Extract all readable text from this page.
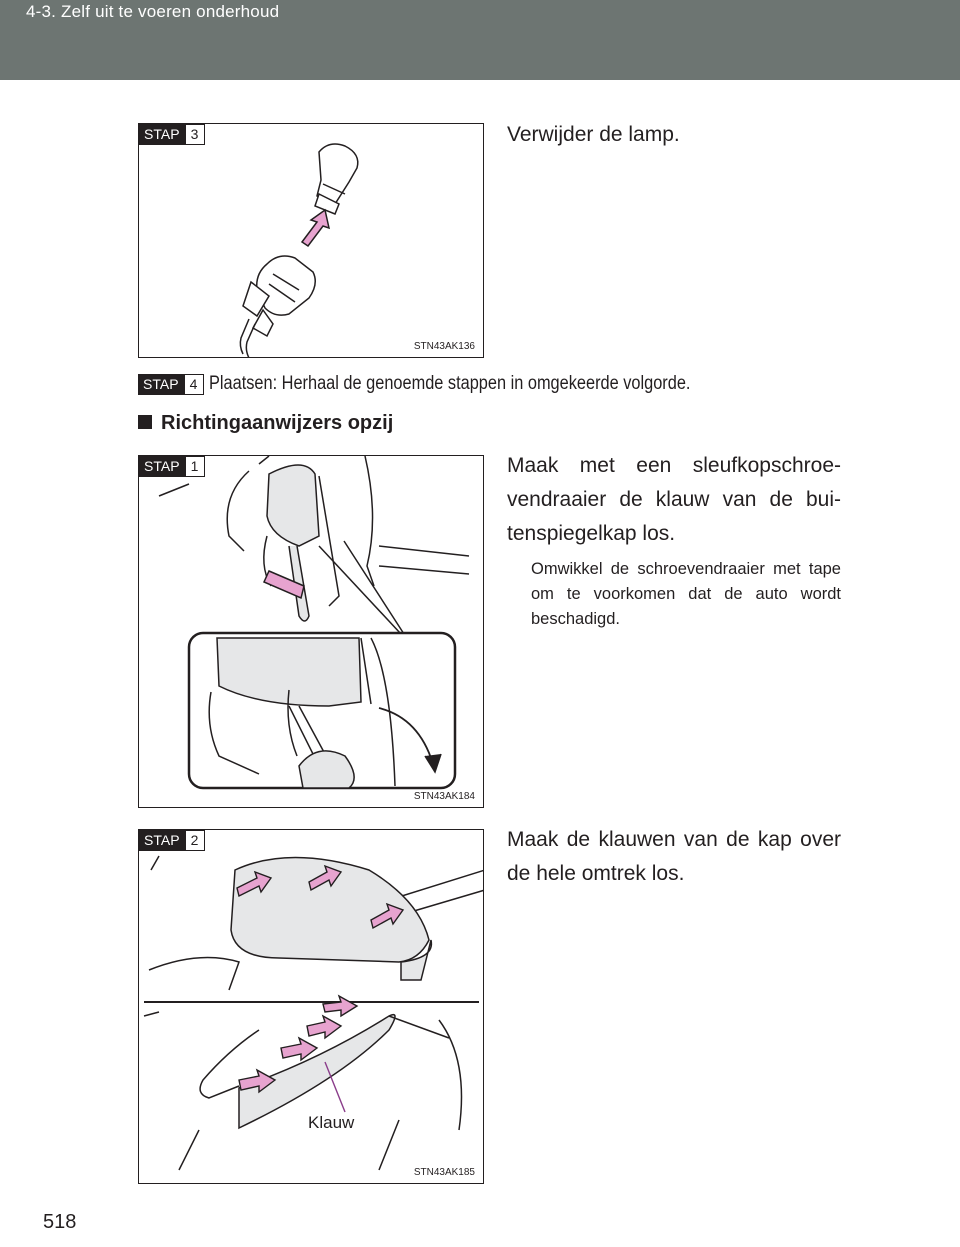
4-3. Zelf uit te voeren onderhoud
STAP 3
STN43AK136
Verwijder de lamp.
STAP 4 Plaatsen: Herhaal de genoemde stappen in omgekeerde volgorde.
Richtingaanwijzers opzij
STAP 1
STN43AK184
Maak met een sleufkopschroe-vendraaier de klauw van de bui-tenspiegelkap los.
Omwikkel de schroevendraaier met tape om te voorkomen dat de auto wordt beschadigd.
STAP 2
Klauw
STN43AK185
Maak de klauwen van de kap over de hele omtrek los.
518
